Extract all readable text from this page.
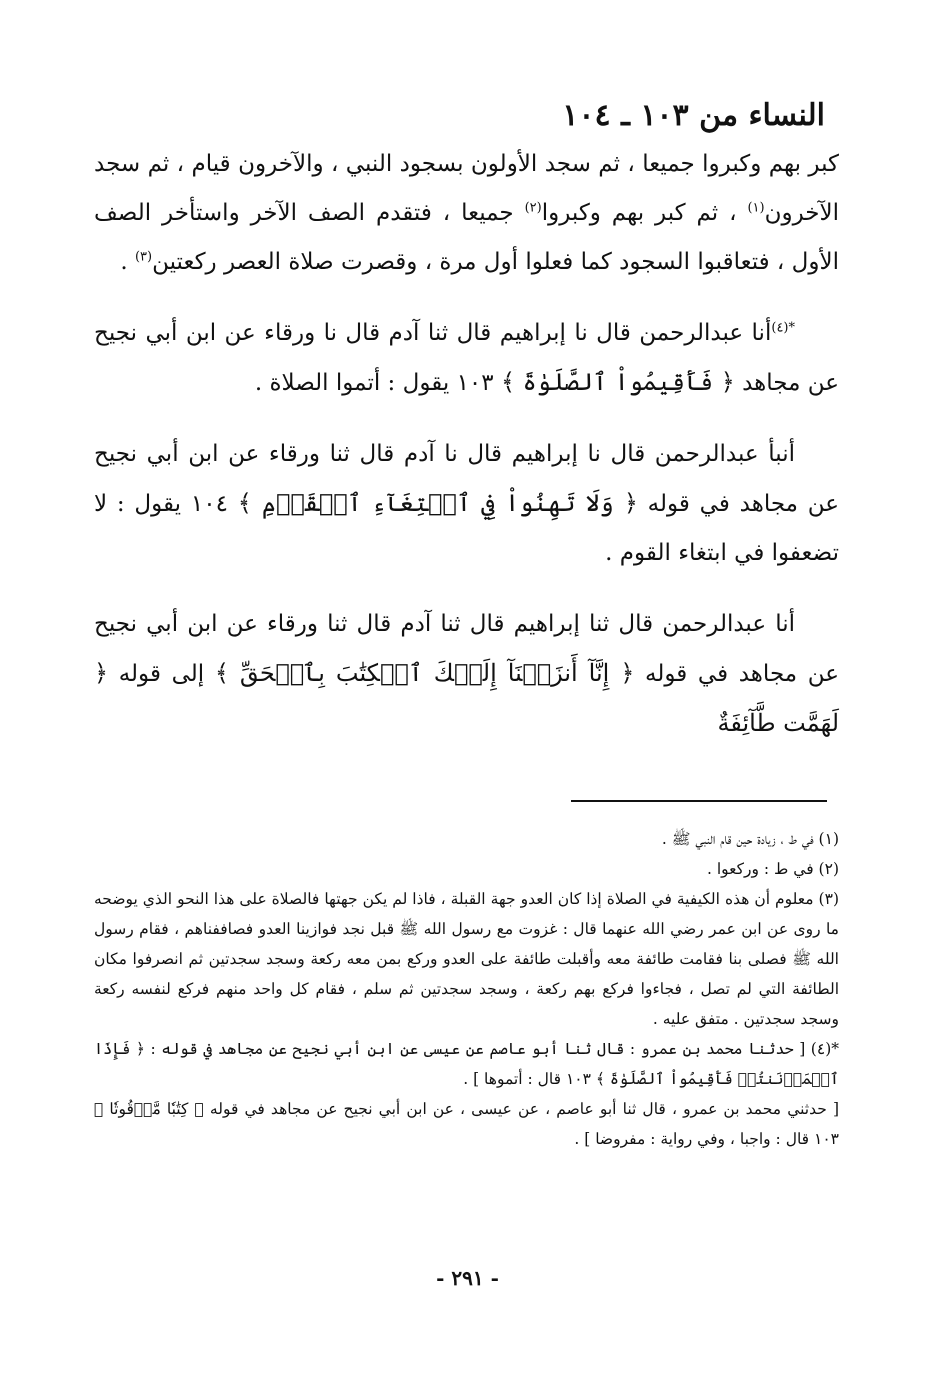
النساء من ١٠٣ ـ ١٠٤

كبر بهم وكبروا جميعا ، ثم سجد الأولون بسجود النبي ، والآخرون قيام ، ثم سجد الآخرون$^{(١)}$ ، ثم كبر بهم وكبروا$^{(٢)}$ جميعا ، فتقدم الصف الآخر واستأخر الصف الأول ، فتعاقبوا السجود كما فعلوا أول مرة ، وقصرت صلاة العصر ركعتين$^{(٣)}$ .

$^{*(٤)}$أنا عبدالرحمن قال نا إبراهيم قال ثنا آدم قال نا ورقاء عن ابن أبي نجيح عن مجاهد ﴿ فَأَقِيمُواْ ٱلصَّلَوٰةَ ﴾ ١٠٣ يقول : أتموا الصلاة .

أنبأ عبدالرحمن قال نا إبراهيم قال نا آدم قال ثنا ورقاء عن ابن أبي نجيح عن مجاهد في قوله ﴿ وَلَا تَهِنُواْ فِي ٱبۡتِغَآءِ ٱلۡقَوۡمِ ﴾ ١٠٤ يقول : لا تضعفوا في ابتغاء القوم .

أنا عبدالرحمن قال ثنا إبراهيم قال ثنا آدم قال ثنا ورقاء عن ابن أبي نجيح عن مجاهد في قوله ﴿ إِنَّآ أَنزَلۡنَآ إِلَيۡكَ ٱلۡكِتَٰبَ بِٱلۡحَقِّ ﴾ إلى قوله ﴿ لَهَمَّت طَّآئِفَةٌ

(١) في ط ، زيادة حين قام النبي ﷺ .

(٢) في ط : وركعوا .

(٣) معلوم أن هذه الكيفية في الصلاة إذا كان العدو جهة القبلة ، فاذا لم يكن جهتها فالصلاة على هذا النحو الذي يوضحه ما روى عن ابن عمر رضي الله عنهما قال : غزوت مع رسول الله ﷺ قبل نجد فوازينا العدو فصاففناهم ، فقام رسول الله ﷺ فصلى بنا فقامت طائفة معه وأقبلت طائفة على العدو وركع بمن معه ركعة وسجد سجدتين ثم انصرفوا مكان الطائفة التي لم تصل ، فجاءوا فركع بهم ركعة ، وسجد سجدتين ثم سلم ، فقام كل واحد منهم فركع لنفسه ركعة وسجد سجدتين . متفق عليه .

*(٤) [ حدثنا محمد بن عمرو : قال ثنا أبو عاصم عن عيسى عن ابن أبي نجيح عن مجاهد في قوله : ﴿ فَإِذَا ٱطۡمَأۡنَنتُمۡ فَأَقِيمُواْ ٱلصَّلَوٰةَ ﴾ ١٠٣ قال : أتموها ] .

[ حدثني محمد بن عمرو ، قال ثنا أبو عاصم ، عن عيسى ، عن ابن أبي نجيح عن مجاهد في قوله ﴿ كِتَٰبٗا مَّوۡقُوتٗا ﴾ ١٠٣ قال : واجبا ، وفي رواية : مفروضا ] .

- ٢٩١ -
